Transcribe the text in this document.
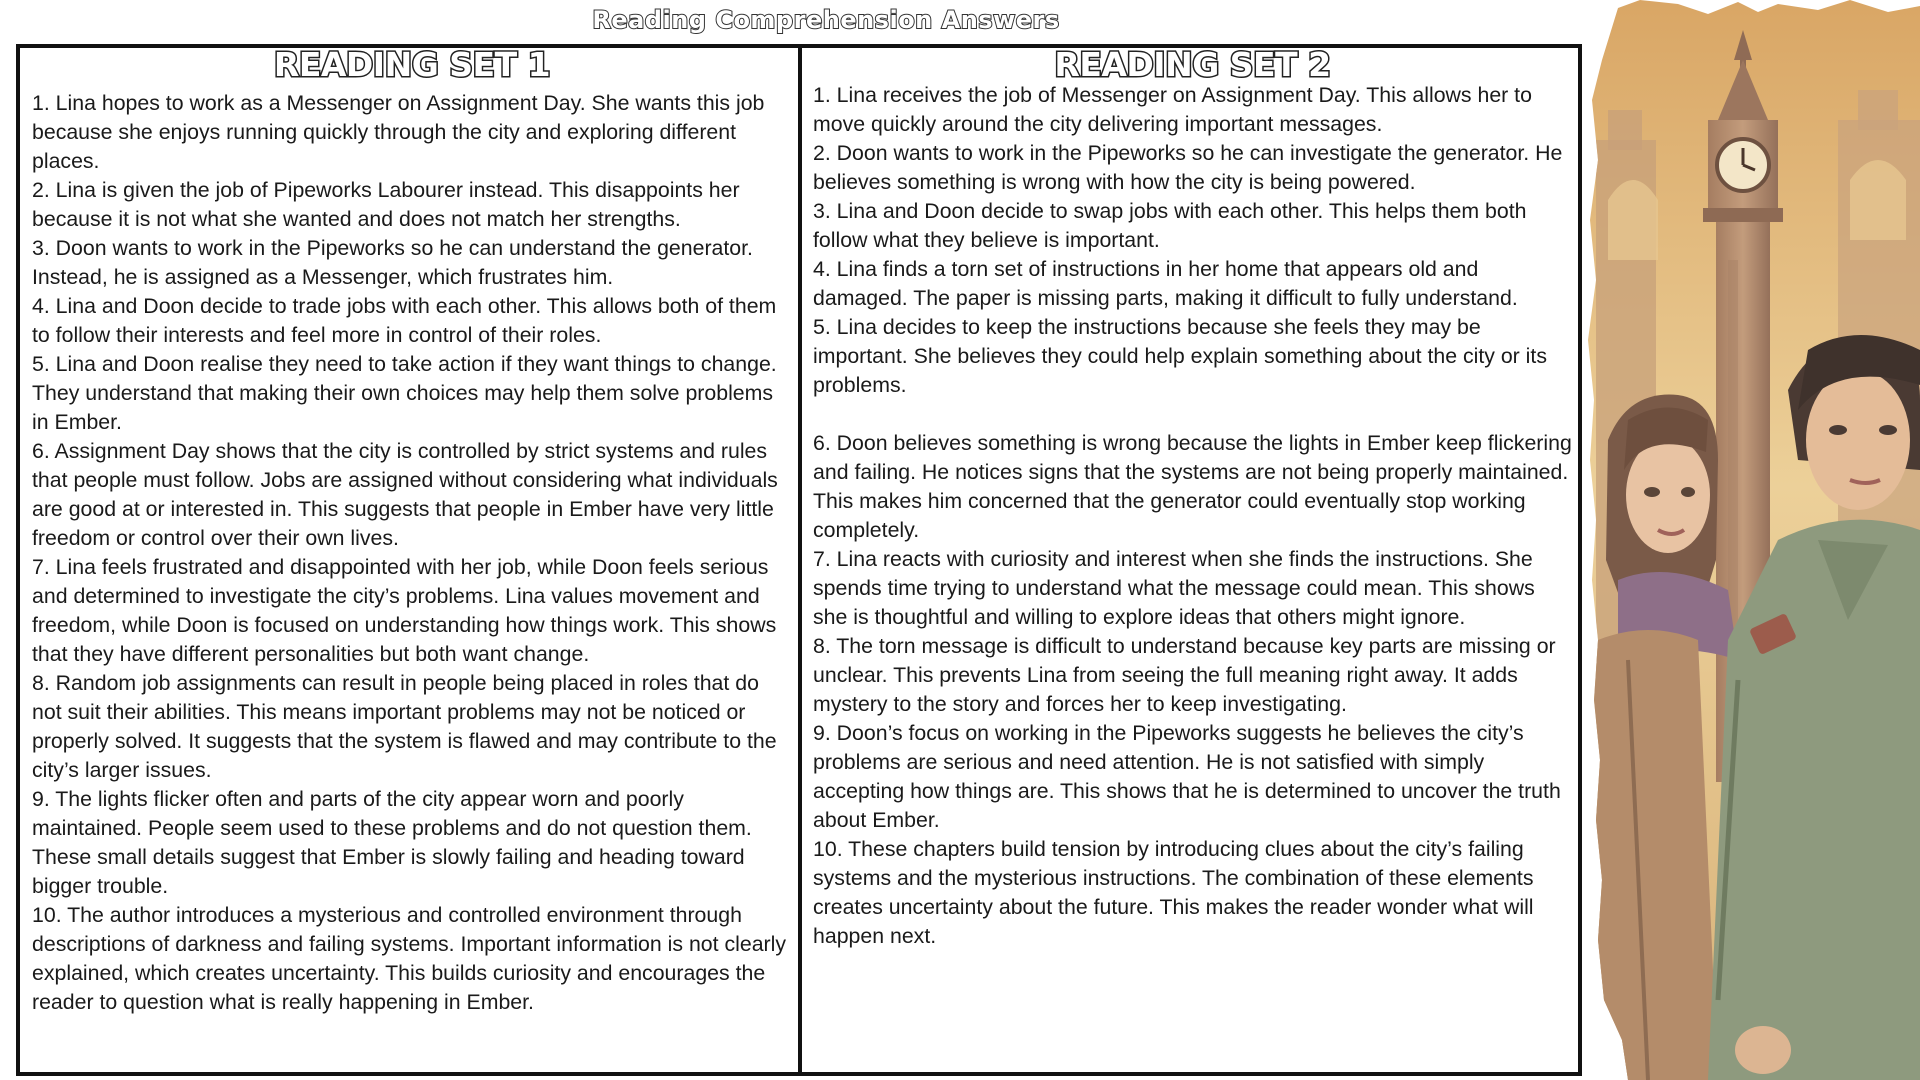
Reading Comprehension Answers
READING SET 1

1. Lina hopes to work as a Messenger on Assignment Day. She wants this job because she enjoys running quickly through the city and exploring different places.

2. Lina is given the job of Pipeworks Labourer instead. This disappoints her because it is not what she wanted and does not match her strengths.

3. Doon wants to work in the Pipeworks so he can understand the generator. Instead, he is assigned as a Messenger, which frustrates him.

4. Lina and Doon decide to trade jobs with each other. This allows both of them to follow their interests and feel more in control of their roles.

5. Lina and Doon realise they need to take action if they want things to change. They understand that making their own choices may help them solve problems in Ember.

6. Assignment Day shows that the city is controlled by strict systems and rules that people must follow. Jobs are assigned without considering what individuals are good at or interested in. This suggests that people in Ember have very little freedom or control over their own lives.

7. Lina feels frustrated and disappointed with her job, while Doon feels serious and determined to investigate the city’s problems. Lina values movement and freedom, while Doon is focused on understanding how things work. This shows that they have different personalities but both want change.

8. Random job assignments can result in people being placed in roles that do not suit their abilities. This means important problems may not be noticed or properly solved. It suggests that the system is flawed and may contribute to the city’s larger issues.

9. The lights flicker often and parts of the city appear worn and poorly maintained. People seem used to these problems and do not question them. These small details suggest that Ember is slowly failing and heading toward bigger trouble.

10. The author introduces a mysterious and controlled environment through descriptions of darkness and failing systems. Important information is not clearly explained, which creates uncertainty. This builds curiosity and encourages the reader to question what is really happening in Ember.

READING SET 2

1. Lina receives the job of Messenger on Assignment Day. This allows her to move quickly around the city delivering important messages.

2. Doon wants to work in the Pipeworks so he can investigate the generator. He believes something is wrong with how the city is being powered.

3. Lina and Doon decide to swap jobs with each other. This helps them both follow what they believe is important.

4. Lina finds a torn set of instructions in her home that appears old and damaged. The paper is missing parts, making it difficult to fully understand.

5. Lina decides to keep the instructions because she feels they may be important. She believes they could help explain something about the city or its problems.

6. Doon believes something is wrong because the lights in Ember keep flickering and failing. He notices signs that the systems are not being properly maintained. This makes him concerned that the generator could eventually stop working completely.

7. Lina reacts with curiosity and interest when she finds the instructions. She spends time trying to understand what the message could mean. This shows she is thoughtful and willing to explore ideas that others might ignore.

8. The torn message is difficult to understand because key parts are missing or unclear. This prevents Lina from seeing the full meaning right away. It adds mystery to the story and forces her to keep investigating.

9. Doon’s focus on working in the Pipeworks suggests he believes the city’s problems are serious and need attention. He is not satisfied with simply accepting how things are. This shows that he is determined to uncover the truth about Ember.

10. These chapters build tension by introducing clues about the city’s failing systems and the mysterious instructions. The combination of these elements creates uncertainty about the future. This makes the reader wonder what will happen next.
